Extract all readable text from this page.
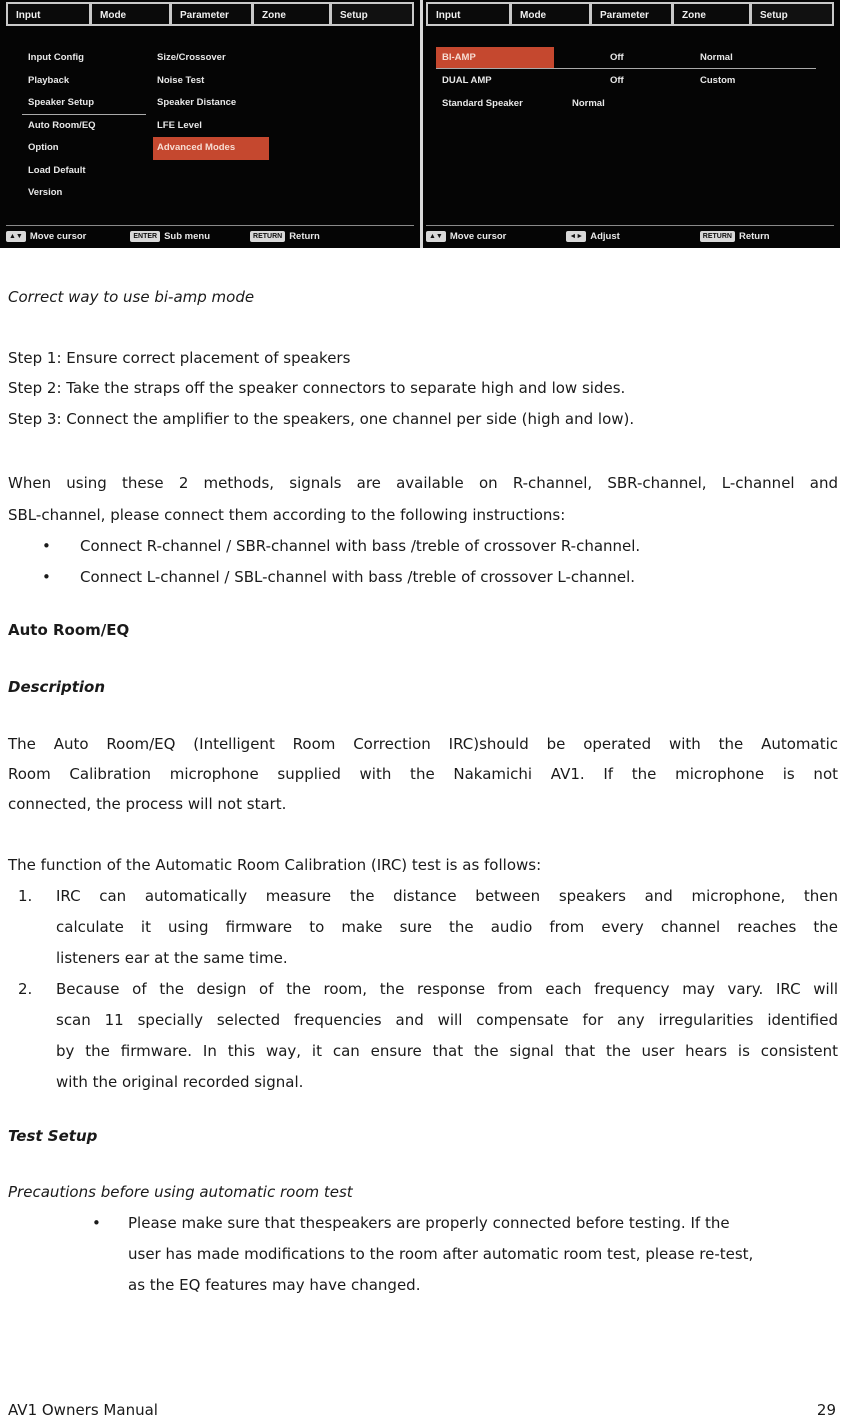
Input	Mode	Parameter	Zone	Setup
Input Config
Playback
Speaker Setup
Auto Room/EQ
Option
Load Default
Version
Size/Crossover
Noise Test
Speaker Distance
LFE Level
Advanced Modes
▲▼ Move cursor	ENTER Sub menu	RETURN Return
Input	Mode	Parameter	Zone	Setup
BI-AMP	Off	Normal
DUAL AMP	Off	Custom
Standard Speaker	Normal
▲▼ Move cursor	◄► Adjust	RETURN Return
Correct way to use bi-amp mode
Step 1: Ensure correct placement of speakers
Step 2: Take the straps off the speaker connectors to separate high and low sides.
Step 3: Connect the amplifier to the speakers, one channel per side (high and low).
When using these 2 methods, signals are available on R-channel, SBR-channel, L-channel and
SBL-channel, please connect them according to the following instructions:
• Connect R-channel / SBR-channel with bass /treble of crossover R-channel.
• Connect L-channel / SBL-channel with bass /treble of crossover L-channel.
Auto Room/EQ
Description
The Auto Room/EQ (Intelligent Room Correction IRC)should be operated with the Automatic
Room Calibration microphone supplied with the Nakamichi AV1. If the microphone is not
connected, the process will not start.
The function of the Automatic Room Calibration (IRC) test is as follows:
1. IRC can automatically measure the distance between speakers and microphone, then
calculate it using firmware to make sure the audio from every channel reaches the
listeners ear at the same time.
2. Because of the design of the room, the response from each frequency may vary. IRC will
scan 11 specially selected frequencies and will compensate for any irregularities identified
by the firmware. In this way, it can ensure that the signal that the user hears is consistent
with the original recorded signal.
Test Setup
Precautions before using automatic room test
• Please make sure that thespeakers are properly connected before testing. If the
user has made modifications to the room after automatic room test, please re-test,
as the EQ features may have changed.
AV1 Owners Manual	29
